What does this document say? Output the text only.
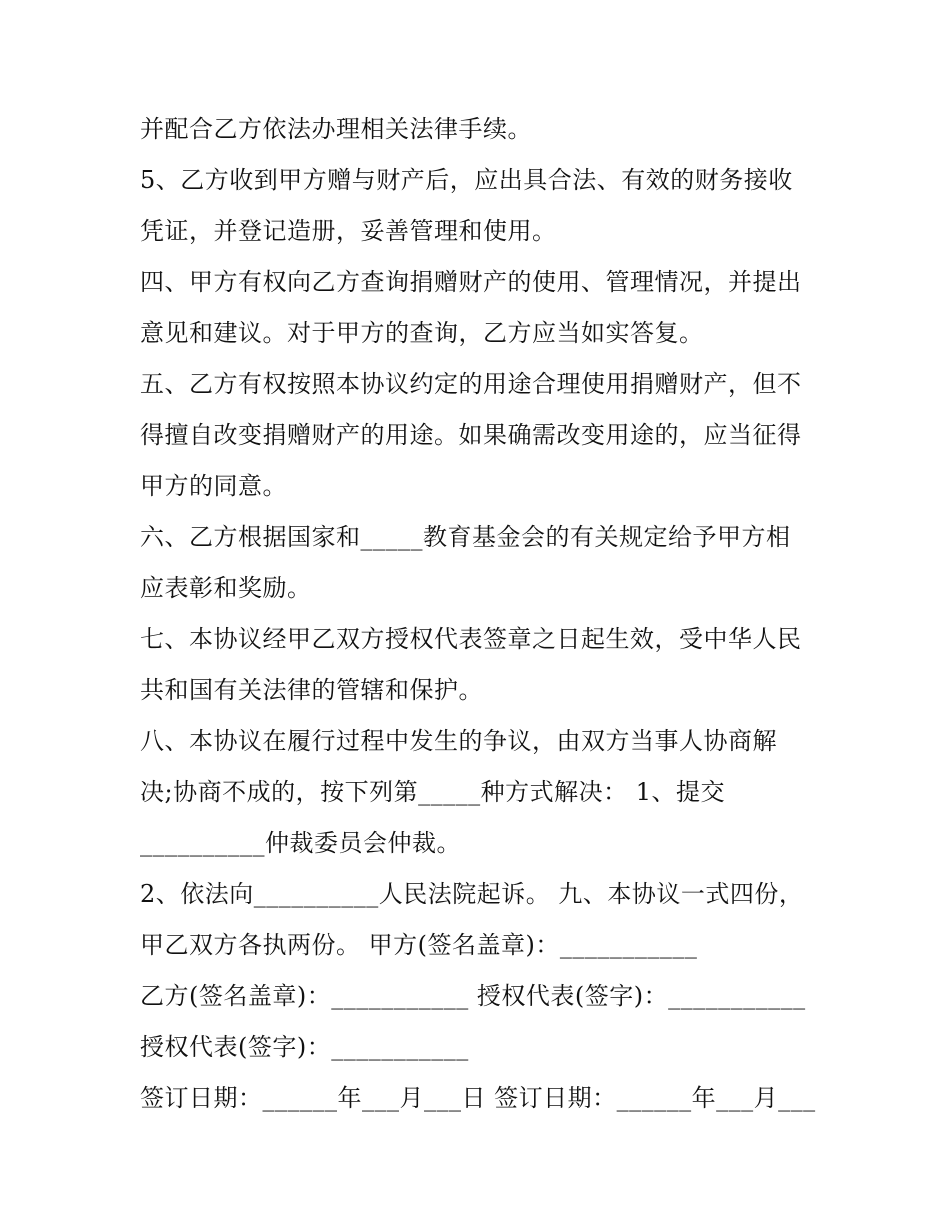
并配合乙方依法办理相关法律手续。
5、乙方收到甲方赠与财产后，应出具合法、有效的财务接收
凭证，并登记造册，妥善管理和使用。
四、甲方有权向乙方查询捐赠财产的使用、管理情况，并提出
意见和建议。对于甲方的查询，乙方应当如实答复。
五、乙方有权按照本协议约定的用途合理使用捐赠财产，但不
得擅自改变捐赠财产的用途。如果确需改变用途的，应当征得
甲方的同意。
六、乙方根据国家和_____教育基金会的有关规定给予甲方相
应表彰和奖励。
七、本协议经甲乙双方授权代表签章之日起生效，受中华人民
共和国有关法律的管辖和保护。
八、本协议在履行过程中发生的争议，由双方当事人协商解
决;协商不成的，按下列第_____种方式解决： 1、提交
__________仲裁委员会仲裁。
2、依法向__________人民法院起诉。 九、本协议一式四份，
甲乙双方各执两份。 甲方(签名盖章)：___________
乙方(签名盖章)：___________ 授权代表(签字)：___________
授权代表(签字)：___________
签订日期：______年___月___日 签订日期：______年___月___
